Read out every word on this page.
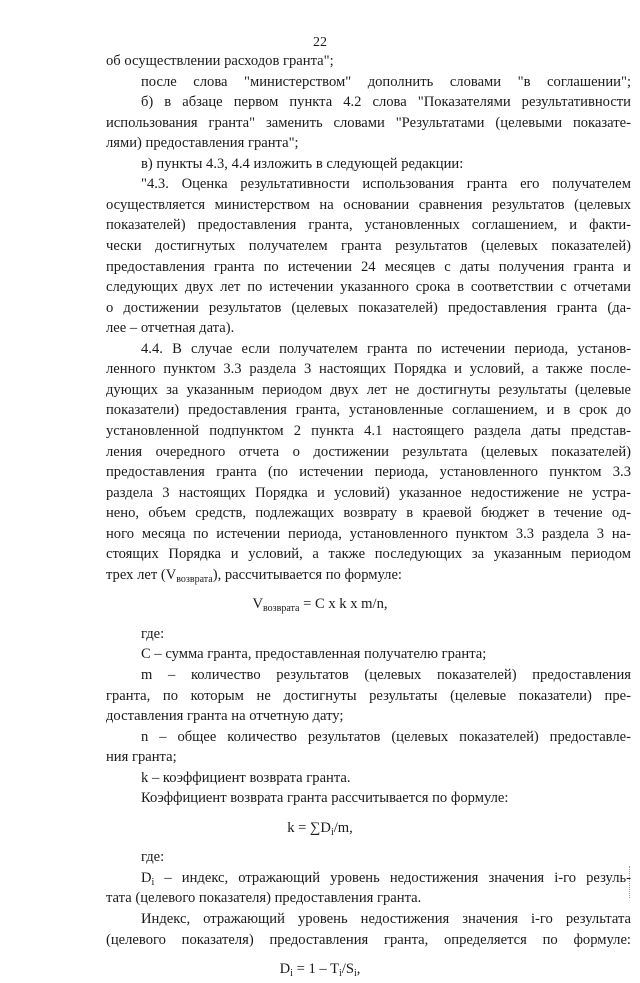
22
об осуществлении расходов гранта";
после слова "министерством" дополнить словами "в соглашении";
б) в абзаце первом пункта 4.2 слова "Показателями результативности
использования гранта" заменить словами "Результатами (целевыми показате-
лями) предоставления гранта";
в) пункты 4.3, 4.4 изложить в следующей редакции:
"4.3. Оценка результативности использования гранта его получателем
осуществляется министерством на основании сравнения результатов (целевых
показателей) предоставления гранта, установленных соглашением, и факти-
чески достигнутых получателем гранта результатов (целевых показателей)
предоставления гранта по истечении 24 месяцев с даты получения гранта и
следующих двух лет по истечении указанного срока в соответствии с отчетами
о достижении результатов (целевых показателей) предоставления гранта (да-
лее – отчетная дата).
4.4. В случае если получателем гранта по истечении периода, установ-
ленного пунктом 3.3 раздела 3 настоящих Порядка и условий, а также после-
дующих за указанным периодом двух лет не достигнуты результаты (целевые
показатели) предоставления гранта, установленные соглашением, и в срок до
установленной подпунктом 2 пункта 4.1 настоящего раздела даты представ-
ления очередного отчета о достижении результата (целевых показателей)
предоставления гранта (по истечении периода, установленного пунктом 3.3
раздела 3 настоящих Порядка и условий) указанное недостижение не устра-
нено, объем средств, подлежащих возврату в краевой бюджет в течение од-
ного месяца по истечении периода, установленного пунктом 3.3 раздела 3 на-
стоящих Порядка и условий, а также последующих за указанным периодом
трех лет $(V_{возврата})$, рассчитывается по формуле:
$V_{возврата} = C$ x k x m/n,
где:
C – сумма гранта, предоставленная получателю гранта;
m – количество результатов (целевых показателей) предоставления
гранта, по которым не достигнуты результаты (целевые показатели) пре-
доставления гранта на отчетную дату;
n – общее количество результатов (целевых показателей) предоставле-
ния гранта;
k – коэффициент возврата гранта.
Коэффициент возврата гранта рассчитывается по формуле:
$k = \sum D_i/m$,
где:
$D_i$ – индекс, отражающий уровень недостижения значения i-го резуль-
тата (целевого показателя) предоставления гранта.
Индекс, отражающий уровень недостижения значения i-го результата
(целевого показателя) предоставления гранта, определяется по формуле:
$D_i = 1 - T_i/S_i$,
